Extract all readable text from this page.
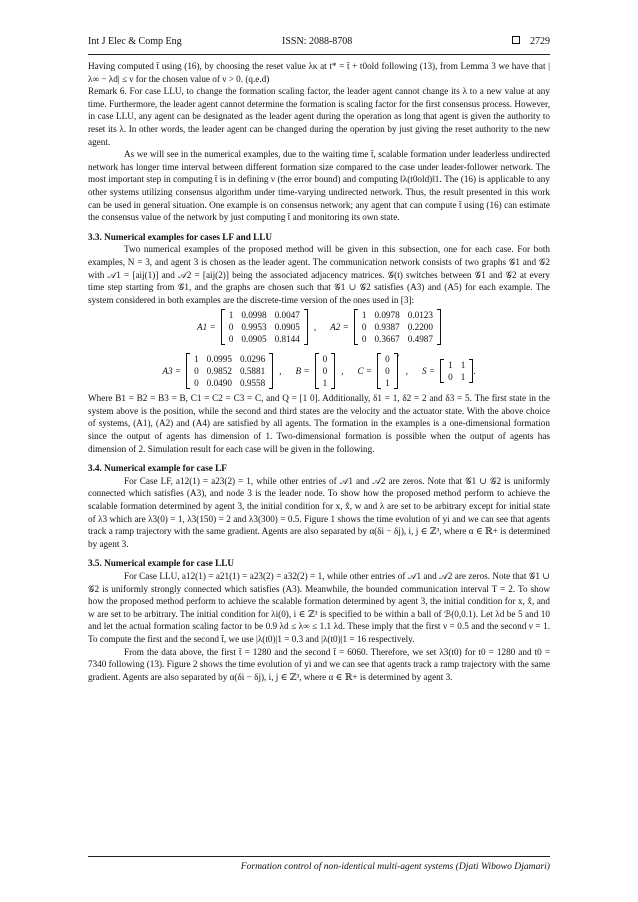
Int J Elec & Comp Eng	ISSN: 2088-8708	2729

Having computed t̄ using (16), by choosing the reset value λκ at t* = t̄ + t0old following (13), from Lemma 3 we have that |λ∞ − λd| ≤ ν for the chosen value of ν > 0. (q.e.d)

Remark 6. For case LLU, to change the formation scaling factor, the leader agent cannot change its λ to a new value at any time. Furthermore, the leader agent cannot determine the formation is scaling factor for the first consensus process. However, in case LLU, any agent can be designated as the leader agent during the operation as long that agent is given the authority to reset its λ. In other words, the leader agent can be changed during the operation by just giving the reset authority to the new agent.

As we will see in the numerical examples, due to the waiting time t̄, scalable formation under leaderless undirected network has longer time interval between different formation size compared to the case under leader-follower network. The most important step in computing t̄ is in defining ν (the error bound) and computing ‖λ(t0old)‖1. The (16) is applicable to any other systems utilizing consensus algorithm under time-varying undirected network. Thus, the result presented in this work can be used in general situation. One example is on consensus network; any agent that can compute t̄ using (16) can estimate the consensus value of the network by just computing t̄ and monitoring its own state.

3.3. Numerical examples for cases LF and LLU

Two numerical examples of the proposed method will be given in this subsection, one for each case. For both examples, N = 3, and agent 3 is chosen as the leader agent. The communication network consists of two graphs 𝒢1 and 𝒢2 with 𝒜1 = [aij(1)] and 𝒜2 = [aij(2)] being the associated adjacency matrices. 𝒢(t) switches between 𝒢1 and 𝒢2 at every time step starting from 𝒢1, and the graphs are chosen such that 𝒢1 ∪ 𝒢2 satisfies (A3) and (A5) for each example. The system considered in both examples are the discrete-time version of the ones used in [3]:

A1 =
1	0.0998	0.0047
0	0.9953	0.0905
0	0.0905	0.8144
, A2 =
1	0.0978	0.0123
0	0.9387	0.2200
0	0.3667	0.4987
A3 =
1	0.0995	0.0296
0	0.9852	0.5881
0	0.0490	0.9558
, B =
0
0
1
, C =
0
0
1
′
, S =
1	1
0	1
.

Where B1 = B2 = B3 = B, C1 = C2 = C3 = C, and Q = [1 0]. Additionally, δ1 = 1, δ2 = 2 and δ3 = 5. The first state in the system above is the position, while the second and third states are the velocity and the actuator state. With the above choice of systems, (A1), (A2) and (A4) are satisfied by all agents. The formation in the examples is a one-dimensional formation since the output of agents has dimension of 1. Two-dimensional formation is possible when the output of agents has dimension of 2. Simulation result for each case will be given in the following.

3.4. Numerical example for case LF

For Case LF, a12(1) = a23(2) = 1, while other entries of 𝒜1 and 𝒜2 are zeros. Note that 𝒢1 ∪ 𝒢2 is uniformly connected which satisfies (A3), and node 3 is the leader node. To show how the proposed method perform to achieve the scalable formation determined by agent 3, the initial condition for x, x̂, w and λ are set to be arbitrary except for initial state of λ3 which are λ3(0) = 1, λ3(150) = 2 and λ3(300) = 0.5. Figure 1 shows the time evolution of yi and we can see that agents track a ramp trajectory with the same gradient. Agents are also separated by α(δi − δj), i, j ∈ ℤ³, where α ∈ ℝ+ is determined by agent 3.

3.5. Numerical example for case LLU

For Case LLU, a12(1) = a21(1) = a23(2) = a32(2) = 1, while other entries of 𝒜1 and 𝒜2 are zeros. Note that 𝒢1 ∪ 𝒢2 is uniformly strongly connected which satisfies (A3). Meanwhile, the bounded communication interval T = 2. To show how the proposed method perform to achieve the scalable formation determined by agent 3, the initial condition for x, x̂, and w are set to be arbitrary. The initial condition for λi(0), i ∈ ℤ³ is specified to be within a ball of ℬ(0,0.1). Let λd be 5 and 10 and let the actual formation scaling factor to be 0.9 λd ≤ λ∞ ≤ 1.1 λd. These imply that the first ν = 0.5 and the second ν = 1. To compute the first and the second t̄, we use |λ(t0)|1 = 0.3 and |λ(t0)|1 = 16 respectively.

From the data above, the first t̄ = 1280 and the second t̄ = 6060. Therefore, we set λ3(t0) for t0 = 1280 and t0 = 7340 following (13). Figure 2 shows the time evolution of yi and we can see that agents track a ramp trajectory with the same gradient. Agents are also separated by α(δi − δj), i, j ∈ ℤ³, where α ∈ ℝ+ is determined by agent 3.

Formation control of non-identical multi-agent systems (Djati Wibowo Djamari)
